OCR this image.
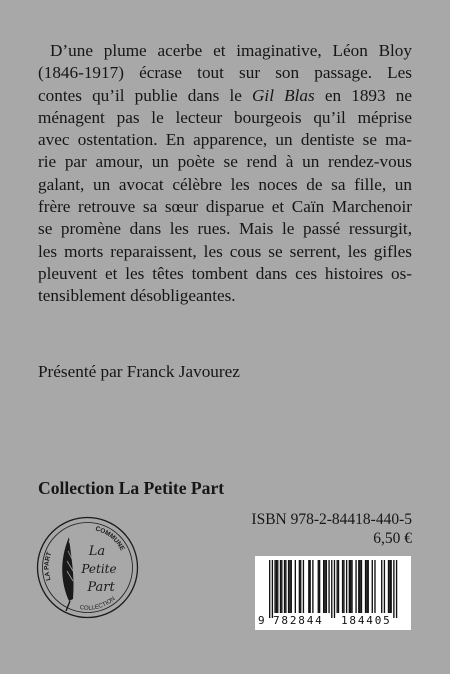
D’une plume acerbe et imaginative, Léon Bloy
(1846-1917) écrase tout sur son passage. Les
contes qu’il publie dans le Gil Blas en 1893 ne
ménagent pas le lecteur bourgeois qu’il méprise
avec ostentation. En apparence, un dentiste se ma-
rie par amour, un poète se rend à un rendez-vous
galant, un avocat célèbre les noces de sa fille, un
frère retrouve sa sœur disparue et Caïn Marchenoir
se promène dans les rues. Mais le passé ressurgit,
les morts reparaissent, les cous se serrent, les gifles
pleuvent et les têtes tombent dans ces histoires os-
tensiblement désobligeantes.
Présenté par Franck Javourez
Collection La Petite Part
ISBN 978-2-84418-440-5
6,50 €
LA PART
COMMUNE
COLLECTION
La
Petite
Part
9 782844 184405
